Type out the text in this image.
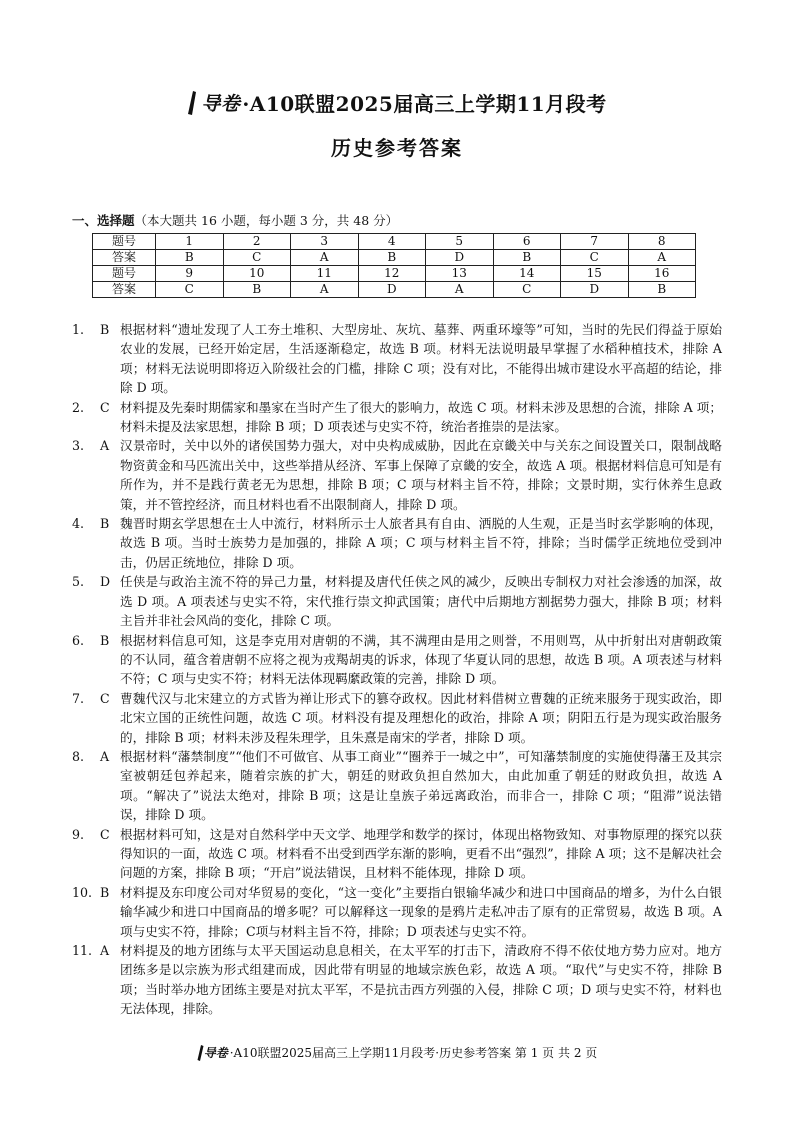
导卷 ·A10联盟2025届高三上学期11月段考
历史参考答案
一、选择题（本大题共 16 小题，每小题 3 分，共 48 分）
题号	1	2	3	4	5	6	7	8
答案	B	C	A	B	D	B	C	A
题号	9	10	11	12	13	14	15	16
答案	C	B	A	D	A	C	D	B
1.	B 根据材料“遗址发现了人工夯土堆积、大型房址、灰坑、墓葬、两重环壕等”可知，当时的先民们得益于原始农业的发展，已经开始定居，生活逐渐稳定，故选 B 项。材料无法说明最早掌握了水稻种植技术，排除 A 项；材料无法说明即将迈入阶级社会的门槛，排除 C 项；没有对比，不能得出城市建设水平高超的结论，排除 D 项。
2.	C 材料提及先秦时期儒家和墨家在当时产生了很大的影响力，故选 C 项。材料未涉及思想的合流，排除 A 项；材料未提及法家思想，排除 B 项；D 项表述与史实不符，统治者推崇的是法家。
3.	A 汉景帝时，关中以外的诸侯国势力强大，对中央构成威胁，因此在京畿关中与关东之间设置关口，限制战略物资黄金和马匹流出关中，这些举措从经济、军事上保障了京畿的安全，故选 A 项。根据材料信息可知是有所作为，并不是践行黄老无为思想，排除 B 项；C 项与材料主旨不符，排除；文景时期，实行休养生息政策，并不管控经济，而且材料也看不出限制商人，排除 D 项。
4.	B 魏晋时期玄学思想在士人中流行，材料所示士人旅者具有自由、洒脱的人生观，正是当时玄学影响的体现，故选 B 项。当时士族势力是加强的，排除 A 项；C 项与材料主旨不符，排除；当时儒学正统地位受到冲击，仍居正统地位，排除 D 项。
5.	D 任侠是与政治主流不符的异己力量，材料提及唐代任侠之风的减少，反映出专制权力对社会渗透的加深，故选 D 项。A 项表述与史实不符，宋代推行崇文抑武国策；唐代中后期地方割据势力强大，排除 B 项；材料主旨并非社会风尚的变化，排除 C 项。
6.	B 根据材料信息可知，这是李克用对唐朝的不满，其不满理由是用之则誉，不用则骂，从中折射出对唐朝政策的不认同，蕴含着唐朝不应将之视为戎羯胡夷的诉求，体现了华夏认同的思想，故选 B 项。A 项表述与材料不符；C 项与史实不符；材料无法体现羁縻政策的完善，排除 D 项。
7.	C 曹魏代汉与北宋建立的方式皆为禅让形式下的篡夺政权。因此材料借树立曹魏的正统来服务于现实政治，即北宋立国的正统性问题，故选 C 项。材料没有提及理想化的政治，排除 A 项；阴阳五行是为现实政治服务的，排除 B 项；材料未涉及程朱理学，且朱熹是南宋的学者，排除 D 项。
8.	A 根据材料“藩禁制度”“他们不可做官、从事工商业”“圈养于一城之中”，可知藩禁制度的实施使得藩王及其宗室被朝廷包养起来，随着宗族的扩大，朝廷的财政负担自然加大，由此加重了朝廷的财政负担，故选 A 项。“解决了”说法太绝对，排除 B 项；这是让皇族子弟远离政治，而非合一，排除 C 项；“阻滞”说法错误，排除 D 项。
9.	C 根据材料可知，这是对自然科学中天文学、地理学和数学的探讨，体现出格物致知、对事物原理的探究以获得知识的一面，故选 C 项。材料看不出受到西学东渐的影响，更看不出“强烈”，排除 A 项；这不是解决社会问题的方案，排除 B 项；“开启”说法错误，且材料不能体现，排除 D 项。
10. B 材料提及东印度公司对华贸易的变化，“这一变化”主要指白银输华减少和进口中国商品的增多，为什么白银输华减少和进口中国商品的增多呢？可以解释这一现象的是鸦片走私冲击了原有的正常贸易，故选 B 项。A 项与史实不符，排除；C项与材料主旨不符，排除；D 项表述与史实不符。
11. A 材料提及的地方团练与太平天国运动息息相关，在太平军的打击下，清政府不得不依仗地方势力应对。地方团练多是以宗族为形式组建而成，因此带有明显的地域宗族色彩，故选 A 项。“取代”与史实不符，排除 B 项；当时举办地方团练主要是对抗太平军，不是抗击西方列强的入侵，排除 C 项；D 项与史实不符，材料也无法体现，排除。
导卷 ·A10联盟2025届高三上学期11月段考·历史参考答案 第 1 页 共 2 页
